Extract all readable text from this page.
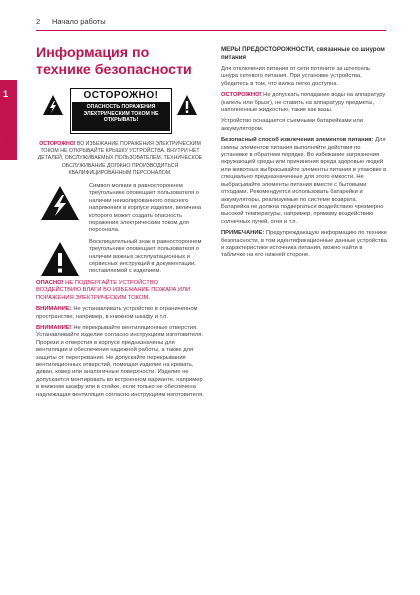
1
Начало работы
2 Начало работы
Информация по технике безопасности
ОСТОРОЖНО!
ОПАСНОСТЬ ПОРАЖЕНИЯ ЭЛЕКТРИЧЕСКИМ ТОКОМ НЕ ОТКРЫВАТЬ!

ОСТОРОЖНО! ВО ИЗБЕЖАНИЕ ПОРАЖЕНИЯ ЭЛЕКТРИЧЕСКИМ ТОКОМ НЕ ОТКРЫВАЙТЕ КРЫШКУ УСТРОЙСТВА. ВНУТРИ НЕТ ДЕТАЛЕЙ, ОБСЛУЖИВАЕМЫХ ПОЛЬЗОВАТЕЛЕМ. ТЕХНИЧЕСКОЕ ОБСЛУЖИВАНИЕ ДОЛЖНО ПРОИЗВОДИТЬСЯ КВАЛИФИЦИРОВАННЫМ ПЕРСОНАЛОМ.

Символ молнии в равностороннем треугольнике оповещает пользователя о наличии неизолированного опасного напряжения в корпусе изделия, величина которого может создать опасность поражения электрическим током для персонала.
Восклицательный знак в равностороннем треугольнике оповещает пользователя о наличии важных эксплуатационных и сервисных инструкций в документации, поставляемой с изделием.

ОПАСНО! НЕ ПОДВЕРГАЙТЕ УСТРОЙСТВО ВОЗДЕЙСТВИЮ ВЛАГИ ВО ИЗБЕЖАНИЕ ПОЖАРА ИЛИ ПОРАЖЕНИЯ ЭЛЕКТРИЧЕСКИМ ТОКОМ.

ВНИМАНИЕ: Не устанавливать устройство в ограниченном пространстве, например, в книжном шкафу и т.п.

ВНИМАНИЕ! Не перекрывайте вентиляционные отверстия. Устанавливайте изделие согласно инструкциям изготовителя.

Прорези и отверстия в корпусе предназначены для вентиляции и обеспечения надежной работы, а также для защиты от перегревания. Не допускайте перекрывания вентиляционных отверстий, помещая изделие на кровать, диван, ковер или аналогичные поверхности. Изделие не допускается монтировать во встроенном варианте, например в книжном шкафу или в стойке, если только не обеспечена надлежащая вентиляция согласно инструкциям изготовителя.

МЕРЫ ПРЕДОСТОРОЖНОСТИ, связанные со шнуром питания

Для отключения питания от сети потяните за штепсель шнура сетевого питания. При установке устройства, убедитесь в том, что вилка легко доступна.

ОСТОРОЖНО! Не допускать попадание воды на аппаратуру (капель или брызг), не ставить на аппаратуру предметы, наполненные жидкостью, такие как вазы.

Устройство оснащается съемными батарейками или аккумулятором.

Безопасный способ извлечения элементов питания: Для смены элементов питания выполняйте действия по установке в обратном порядке. Во избежание загрязнения окружающей среды или причинения вреда здоровью людей или животных выбрасывайте элементы питания в упаковке в специально предназначенные для этого емкости. Не выбрасывайте элементы питания вместе с бытовыми отходами. Рекомендуется использовать батарейки и аккумуляторы, реализуемые по системе возврата. Батарейка не должна подвергаться воздействию чрезмерно высокой температуры, например, прямому воздействию солнечных лучей, огня и т.п.

ПРИМЕЧАНИЕ: Предупреждающую информацию по технике безопасности, в том идентификационные данные устройства и характеристики источника питания, можно найти в табличке на его нижней стороне.
